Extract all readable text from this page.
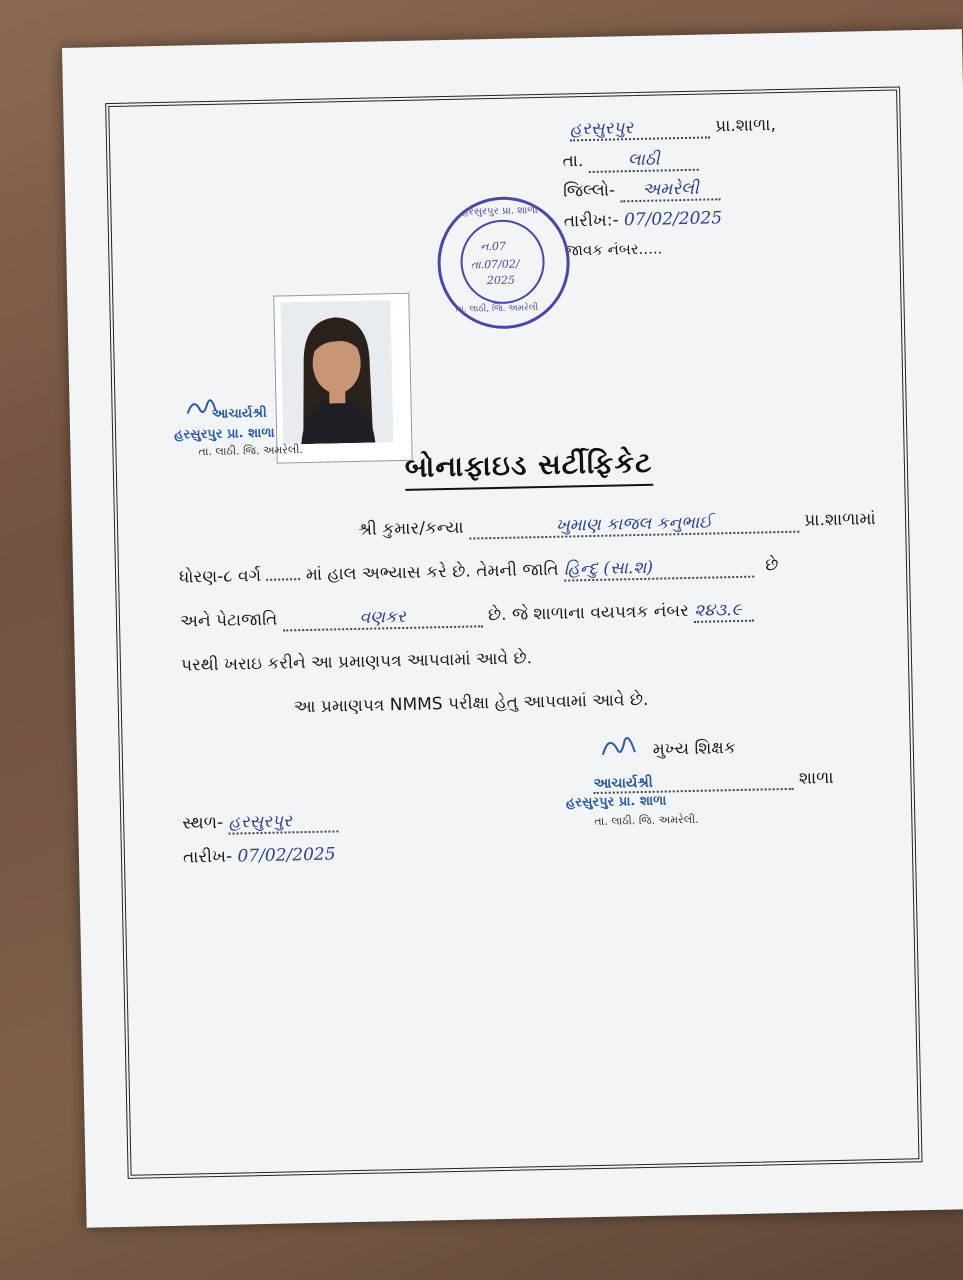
હરસુરપુર	પ્રા.શાળા,
તા.	લાઠી
જિલ્લો- અમરેલી
તારીખ:- 07/02/2025
જાવક નંબર.....
હરસુરપુર પ્રા. શાળા
ન.07
તા.07/02/
2025
તા. લાઠી, જિ. અમરેલી
આચાર્યશ્રી
હરસુરપુર પ્રા. શાળા
તા. લાઠી. જિ. અમરેલી.	બોનાફાઇડ સર્ટીફિકેટ
શ્રી કુમાર/કન્યા	ખુમાણ કાજલ કનુભાઈ	પ્રા.શાળામાં
ધોરણ-૮ વર્ગ	માં હાલ અભ્યાસ કરે છે. તેમની જાતિ હિન્દુ (સા.શ)	છે
અને પેટાજાતિ	વણકર	છે. જે શાળાના વયપત્રક નંબર ૨૪૩.૯
પરથી ખરાઇ કરીને આ પ્રમાણપત્ર આપવામાં આવે છે.
આ પ્રમાણપત્ર NMMS પરીક્ષા હેતુ આપવામાં આવે છે.
મુખ્ય શિક્ષક
આચાર્યશ્રી	શાળા
હરસુરપુર પ્રા. શાળા
તા. લાઠી. જિ. અમરેલી.
સ્થળ- હરસુરપુર
તારીખ- 07/02/2025
